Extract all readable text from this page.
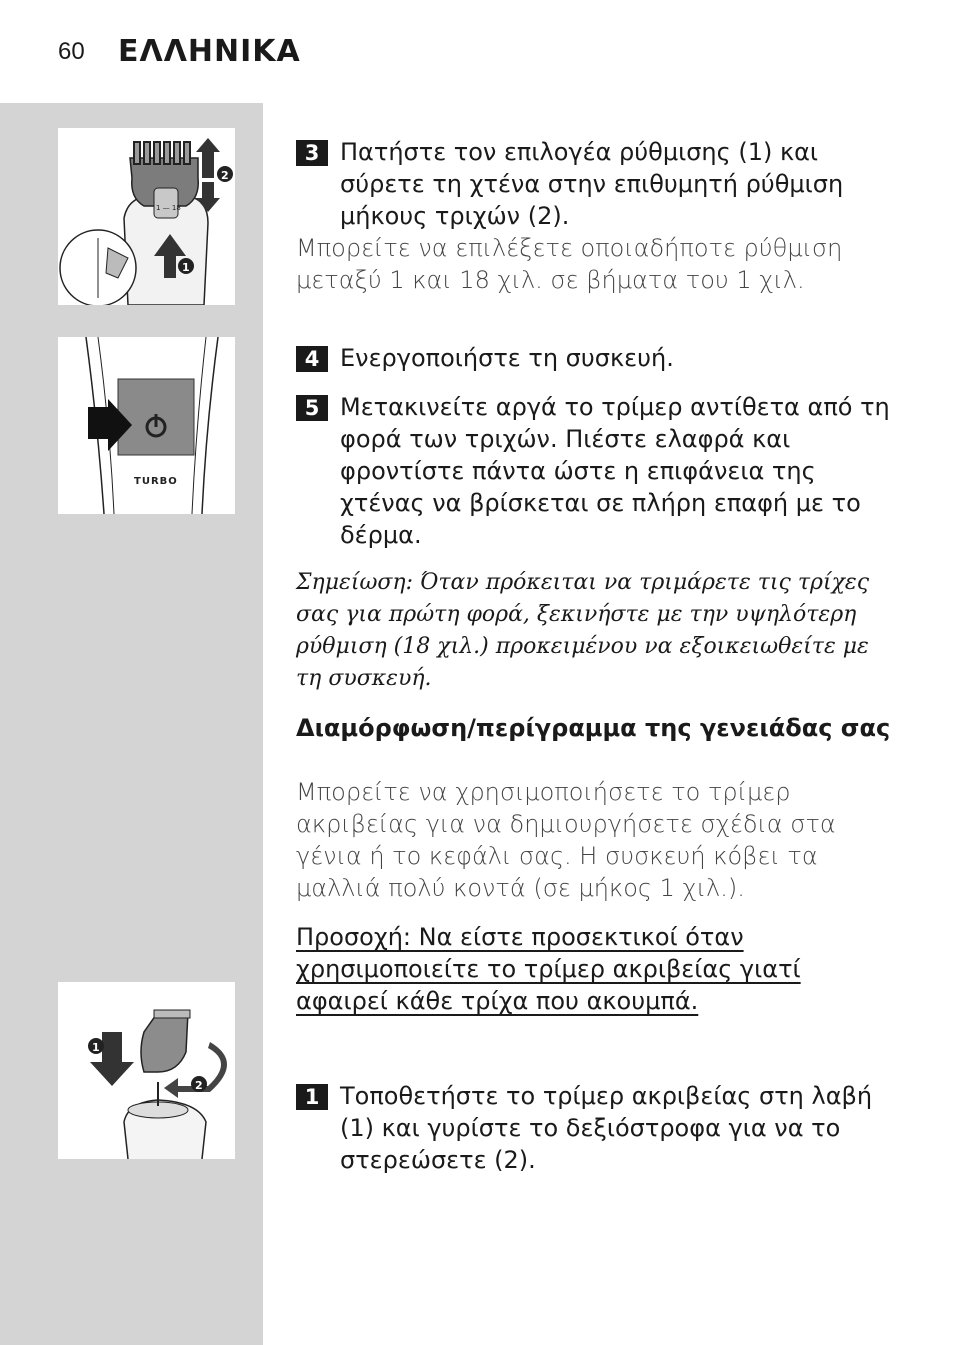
60 ΕΛΛΗΝΙΚΑ
1 — 18
2
1
TURBO
1
2
3 Πατήστε τον επιλογέα ρύθμισης (1) και σύρετε τη χτένα στην επιθυμητή ρύθμιση μήκους τριχών (2).
Μπορείτε να επιλέξετε οποιαδήποτε ρύθμιση μεταξύ 1 και 18 χιλ. σε βήματα του 1 χιλ.
4 Ενεργοποιήστε τη συσκευή.
5 Μετακινείτε αργά το τρίμερ αντίθετα από τη φορά των τριχών. Πιέστε ελαφρά και φροντίστε πάντα ώστε η επιφάνεια της χτένας να βρίσκεται σε πλήρη επαφή με το δέρμα.
Σημείωση: Όταν πρόκειται να τριμάρετε τις τρίχες σας για πρώτη φορά, ξεκινήστε με την υψηλότερη ρύθμιση (18 χιλ.) προκειμένου να εξοικειωθείτε με τη συσκευή.
Διαμόρφωση/περίγραμμα της γενειάδας σας
Μπορείτε να χρησιμοποιήσετε το τρίμερ ακριβείας για να δημιουργήσετε σχέδια στα γένια ή το κεφάλι σας. Η συσκευή κόβει τα μαλλιά πολύ κοντά (σε μήκος 1 χιλ.).
Προσοχή: Να είστε προσεκτικοί όταν χρησιμοποιείτε το τρίμερ ακριβείας γιατί αφαιρεί κάθε τρίχα που ακουμπά.
1 Τοποθετήστε το τρίμερ ακριβείας στη λαβή (1) και γυρίστε το δεξιόστροφα για να το στερεώσετε (2).
